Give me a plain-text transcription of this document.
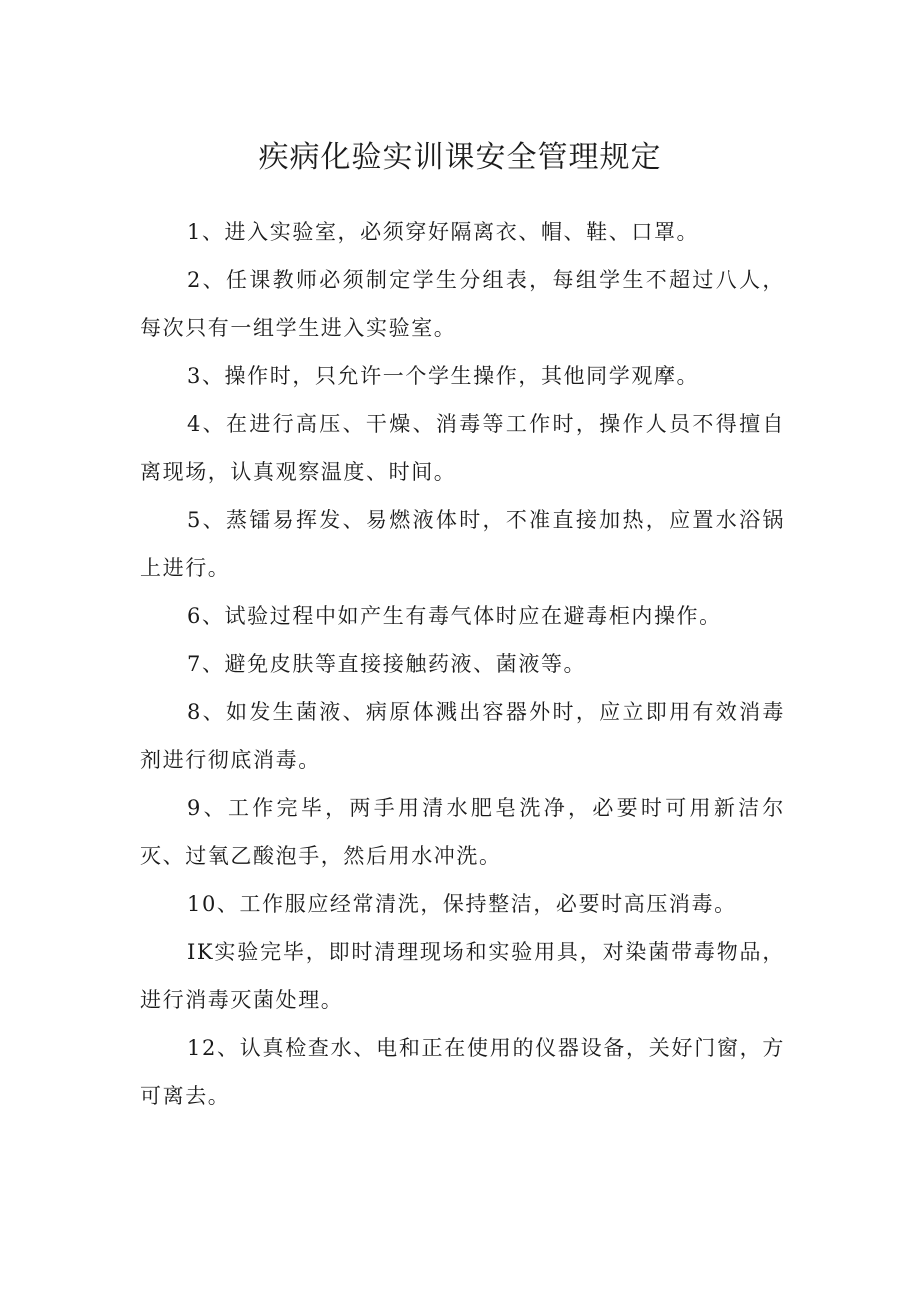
疾病化验实训课安全管理规定

1、进入实验室，必须穿好隔离衣、帽、鞋、口罩。

2、任课教师必须制定学生分组表，每组学生不超过八人，每次只有一组学生进入实验室。

3、操作时，只允许一个学生操作，其他同学观摩。

4、在进行高压、干燥、消毒等工作时，操作人员不得擅自离现场，认真观察温度、时间。

5、蒸镭易挥发、易燃液体时，不准直接加热，应置水浴锅上进行。

6、试验过程中如产生有毒气体时应在避毒柜内操作。

7、避免皮肤等直接接触药液、菌液等。

8、如发生菌液、病原体溅出容器外时，应立即用有效消毒剂进行彻底消毒。

9、工作完毕，两手用清水肥皂洗净，必要时可用新洁尔灭、过氧乙酸泡手，然后用水冲洗。

10、工作服应经常清洗，保持整洁，必要时高压消毒。

IK实验完毕，即时清理现场和实验用具，对染菌带毒物品，进行消毒灭菌处理。

12、认真检查水、电和正在使用的仪器设备，关好门窗，方可离去。
